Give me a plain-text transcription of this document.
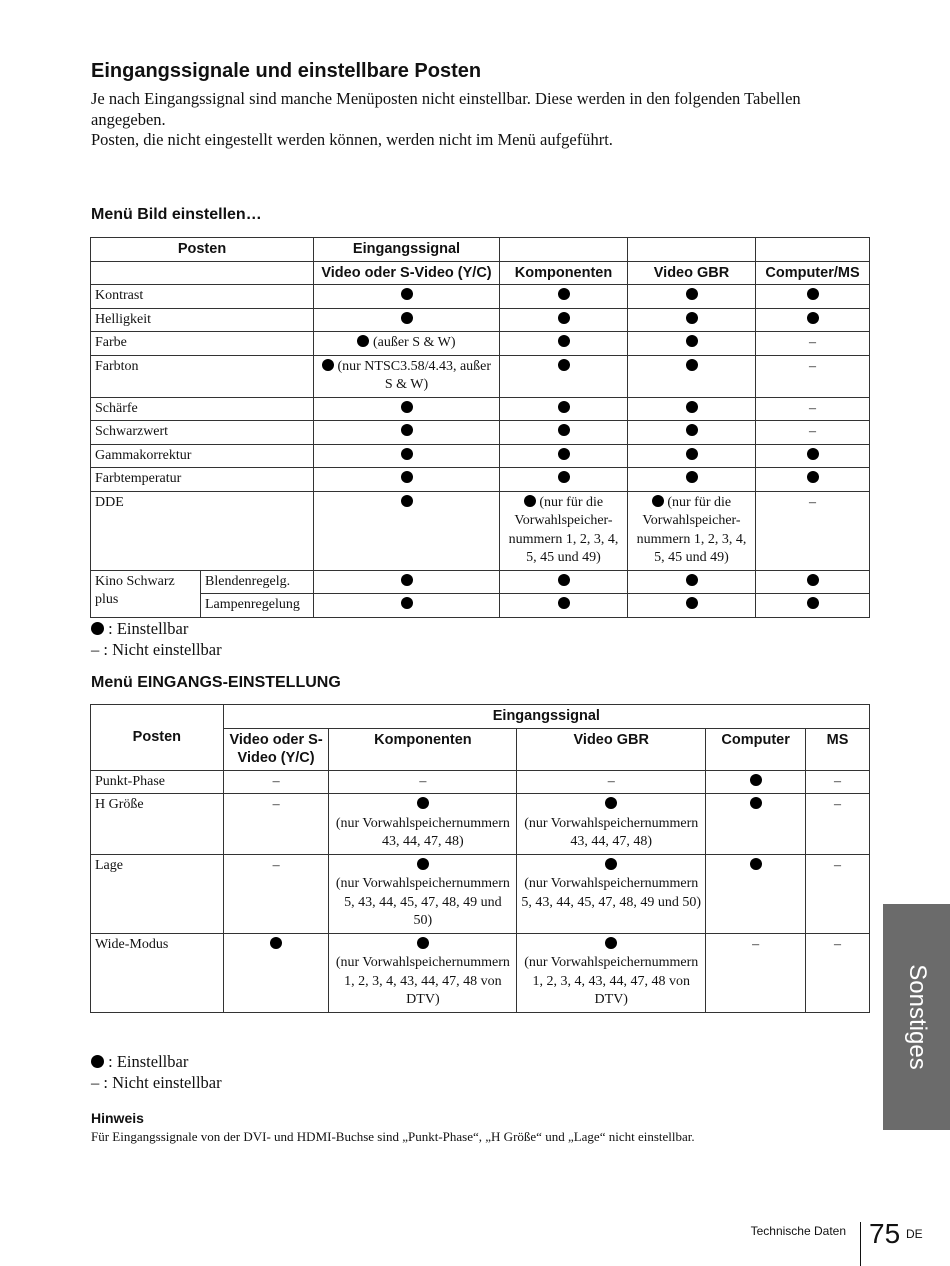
Eingangssignale und einstellbare Posten

Je nach Eingangssignal sind manche Menüposten nicht einstellbar. Diese werden in den folgenden Tabellen angegeben.

Posten, die nicht eingestellt werden können, werden nicht im Menü aufgeführt.

Menü Bild einstellen…
Posten		Eingangssignal			
		Video oder S-Video (Y/C)	Komponenten	Video GBR	Computer/MS
Kontrast					
Helligkeit					
Farbe		(außer S & W)			–
Farbton		(nur NTSC3.58/4.43, außer S & W)			–
Schärfe					–
Schwarzwert					–
Gammakorrektur					
Farbtemperatur					
DDE			(nur für die Vorwahlspeicher-nummern 1, 2, 3, 4, 5, 45 und 49)	(nur für die Vorwahlspeicher-nummern 1, 2, 3, 4, 5, 45 und 49)	–
Kino Schwarz plus	Blendenregelg.				
	Lampenregelung				
: Einstellbar
– : Nicht einstellbar
Menü EINGANGS-EINSTELLUNG
Posten	Eingangssignal				
	Video oder S-Video (Y/C)	Komponenten	Video GBR	Computer	MS
Punkt-Phase	–	–	–		–
H Größe	–	(nur Vorwahlspeichernummern 43, 44, 47, 48)	(nur Vorwahlspeichernummern 43, 44, 47, 48)		–
Lage	–	(nur Vorwahlspeichernummern 5, 43, 44, 45, 47, 48, 49 und 50)	(nur Vorwahlspeichernummern 5, 43, 44, 45, 47, 48, 49 und 50)		–
Wide-Modus		(nur Vorwahlspeichernummern 1, 2, 3, 4, 43, 44, 47, 48 von DTV)	(nur Vorwahlspeichernummern 1, 2, 3, 4, 43, 44, 47, 48 von DTV)	–	–
: Einstellbar
– : Nicht einstellbar
Hinweis
Für Eingangssignale von der DVI- und HDMI-Buchse sind „Punkt-Phase“, „H Größe“ und „Lage“ nicht einstellbar.
Sonstiges
Technische Daten 75 DE
